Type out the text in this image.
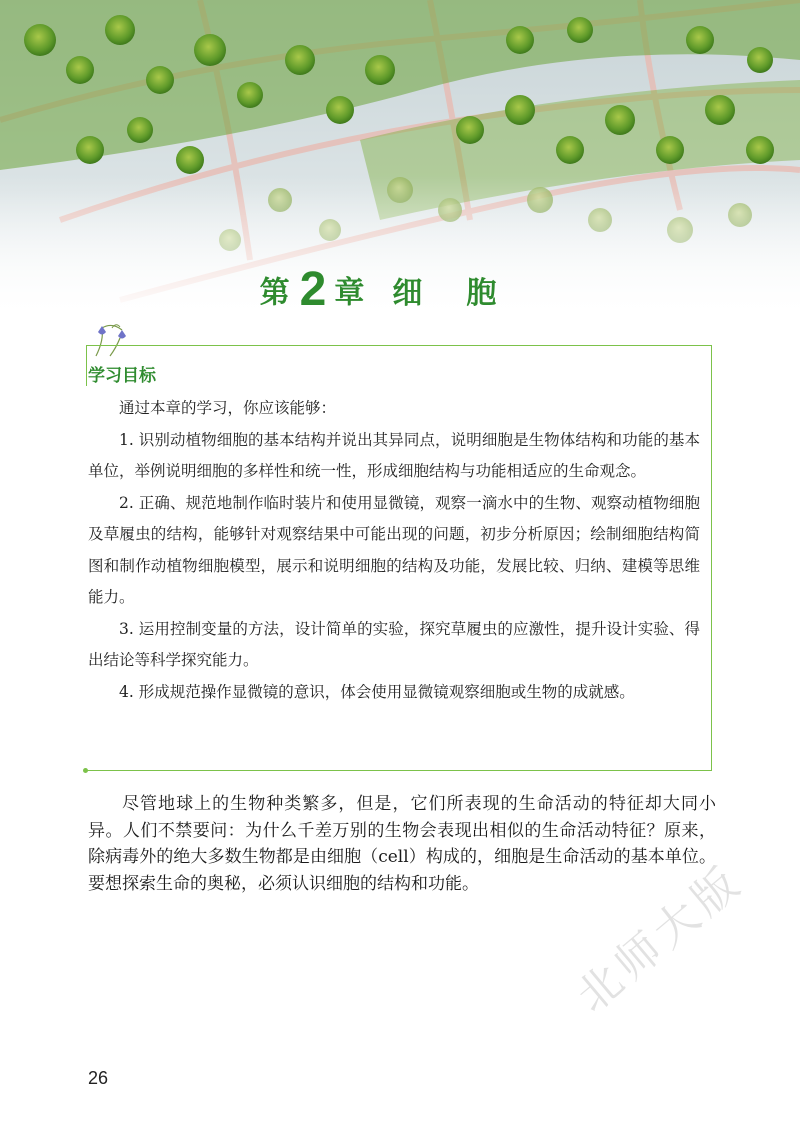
第 2 章 细胞
学习目标

通过本章的学习，你应该能够：

1. 识别动植物细胞的基本结构并说出其异同点，说明细胞是生物体结构和功能的基本单位，举例说明细胞的多样性和统一性，形成细胞结构与功能相适应的生命观念。

2. 正确、规范地制作临时装片和使用显微镜，观察一滴水中的生物、观察动植物细胞及草履虫的结构，能够针对观察结果中可能出现的问题，初步分析原因；绘制细胞结构简图和制作动植物细胞模型，展示和说明细胞的结构及功能，发展比较、归纳、建模等思维能力。

3. 运用控制变量的方法，设计简单的实验，探究草履虫的应激性，提升设计实验、得出结论等科学探究能力。

4. 形成规范操作显微镜的意识，体会使用显微镜观察细胞或生物的成就感。

尽管地球上的生物种类繁多，但是，它们所表现的生命活动的特征却大同小异。人们不禁要问：为什么千差万别的生物会表现出相似的生命活动特征？原来，除病毒外的绝大多数生物都是由细胞（cell）构成的，细胞是生命活动的基本单位。要想探索生命的奥秘，必须认识细胞的结构和功能。	北师大版
26
